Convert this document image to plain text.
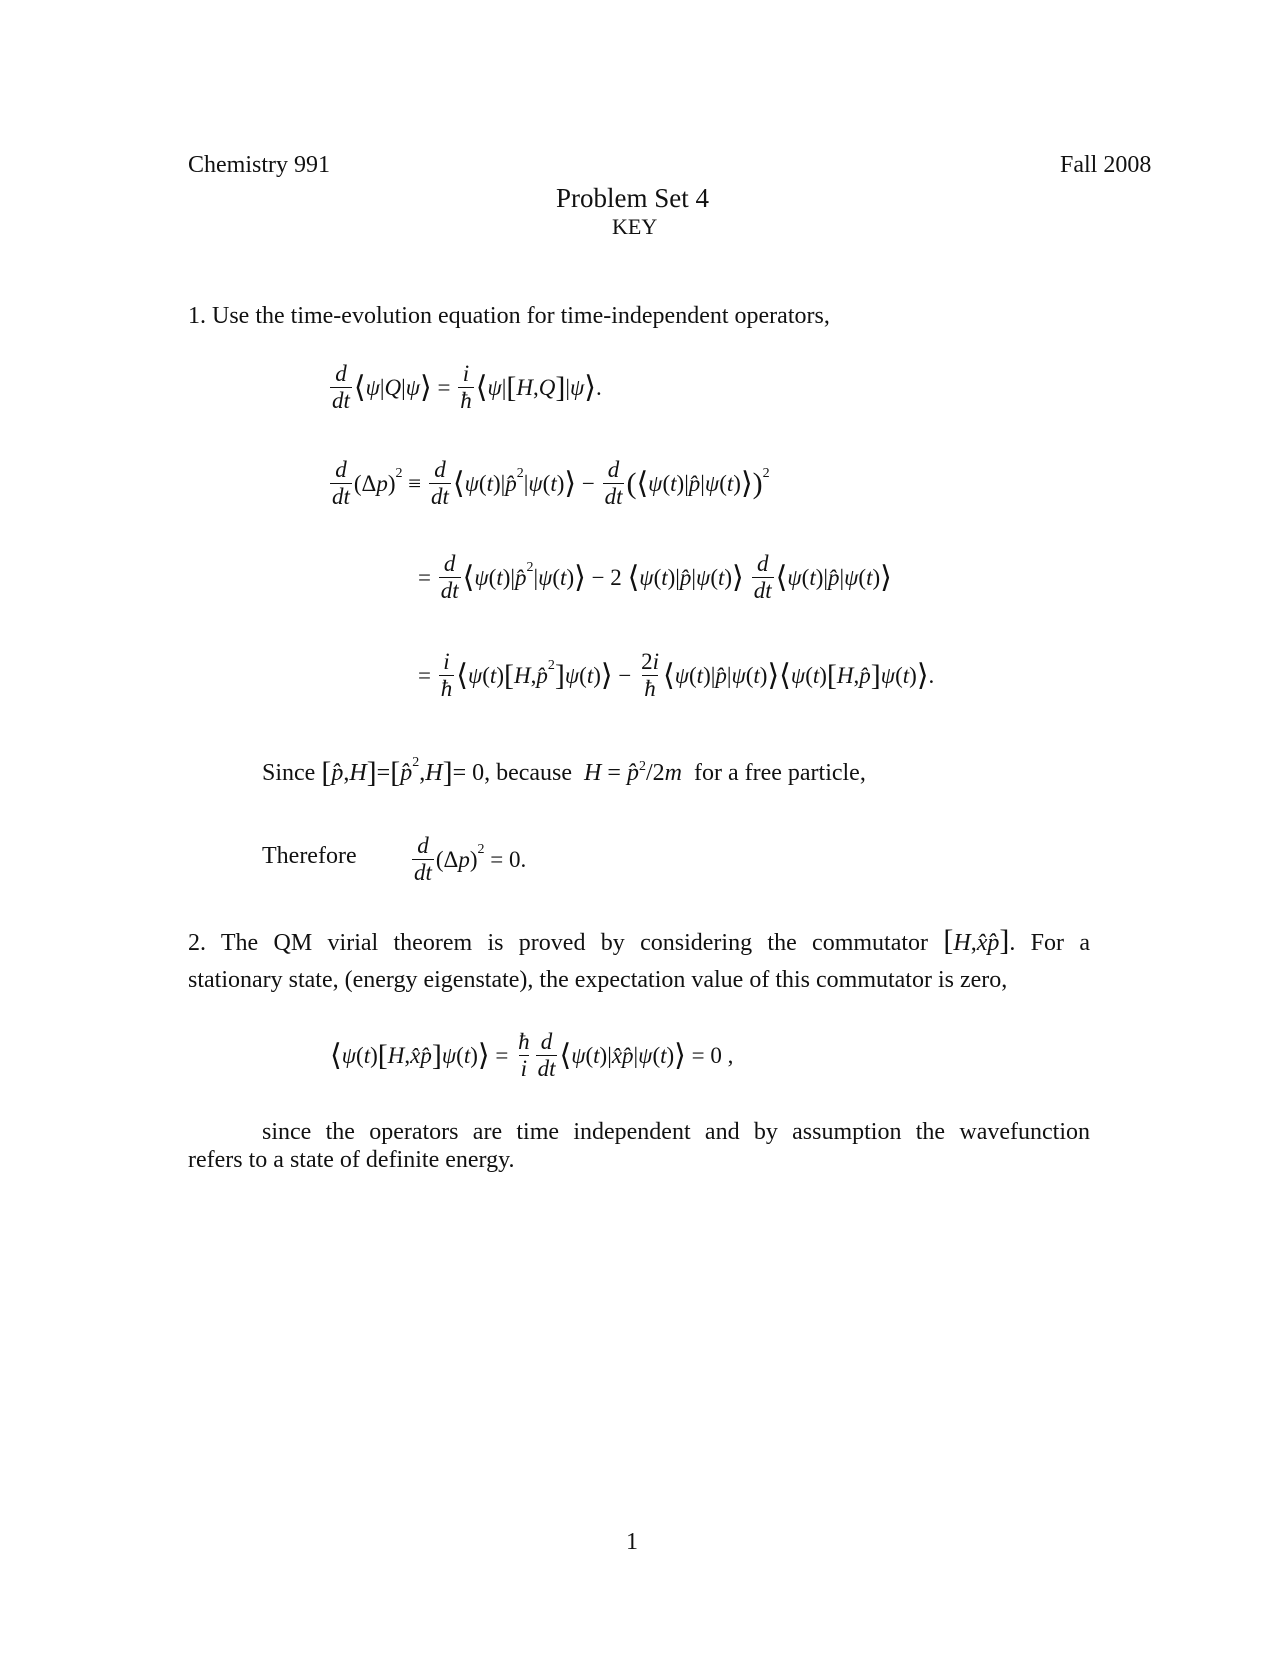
Chemistry 991	Fall 2008
Problem Set 4
KEY
1. Use the time-evolution equation for time-independent operators,
$\frac{d}{dt}$ ⟨ ψ | Q | ψ ⟩ = $\frac{i}{ħ}$ ⟨ ψ | [ H , Q ] | ψ ⟩ .
$\frac{d}{dt} (\Delta$ p ) $2 \equiv \frac{d}{dt}$ ⟨ ψ ( t )| p̂ 2 | ψ ( t ) ⟩ − $\frac{d}{dt}$ (⟨ ψ ( t )| p̂ | ψ ( t ) ⟩) 2
= $\frac{d}{dt}$ ⟨ ψ ( t )| p̂ 2 | ψ ( t ) ⟩ − 2 ⟨ ψ ( t )| p̂ | ψ ( t ) ⟩ $\frac{d}{dt}$ ⟨ ψ ( t )| p̂ | ψ ( t ) ⟩
= $\frac{i}{ħ}$ ⟨ ψ ( t ) [ H , p̂ 2 ] ψ ( t ) ⟩ − $\frac{2i}{ħ}$ ⟨ ψ ( t )| p̂ | ψ ( t ) ⟩⟨ ψ ( t ) [ H , p̂ ] ψ ( t ) ⟩ .
Since
[ p̂ , H ] = [ p̂ 2 , H ] = 0, because H = p̂$^2$/2m for a free particle,
Therefore $\frac{d}{dt} (\Delta$ p ) 2
= 0.
2. The QM virial theorem is proved by considering the commutator [H,x̂p̂]. For a
stationary state, (energy eigenstate), the expectation value of this commutator is zero,
⟨ ψ ( t ) [ H , x̂p̂ ] ψ ( t ) ⟩ = $\frac{ħ}{i} \frac{d}{dt}$ ⟨ ψ ( t )| x̂p̂ | ψ ( t ) ⟩ = 0 ,
since the operators are time independent and by assumption the wavefunction
refers to a state of definite energy.
1
